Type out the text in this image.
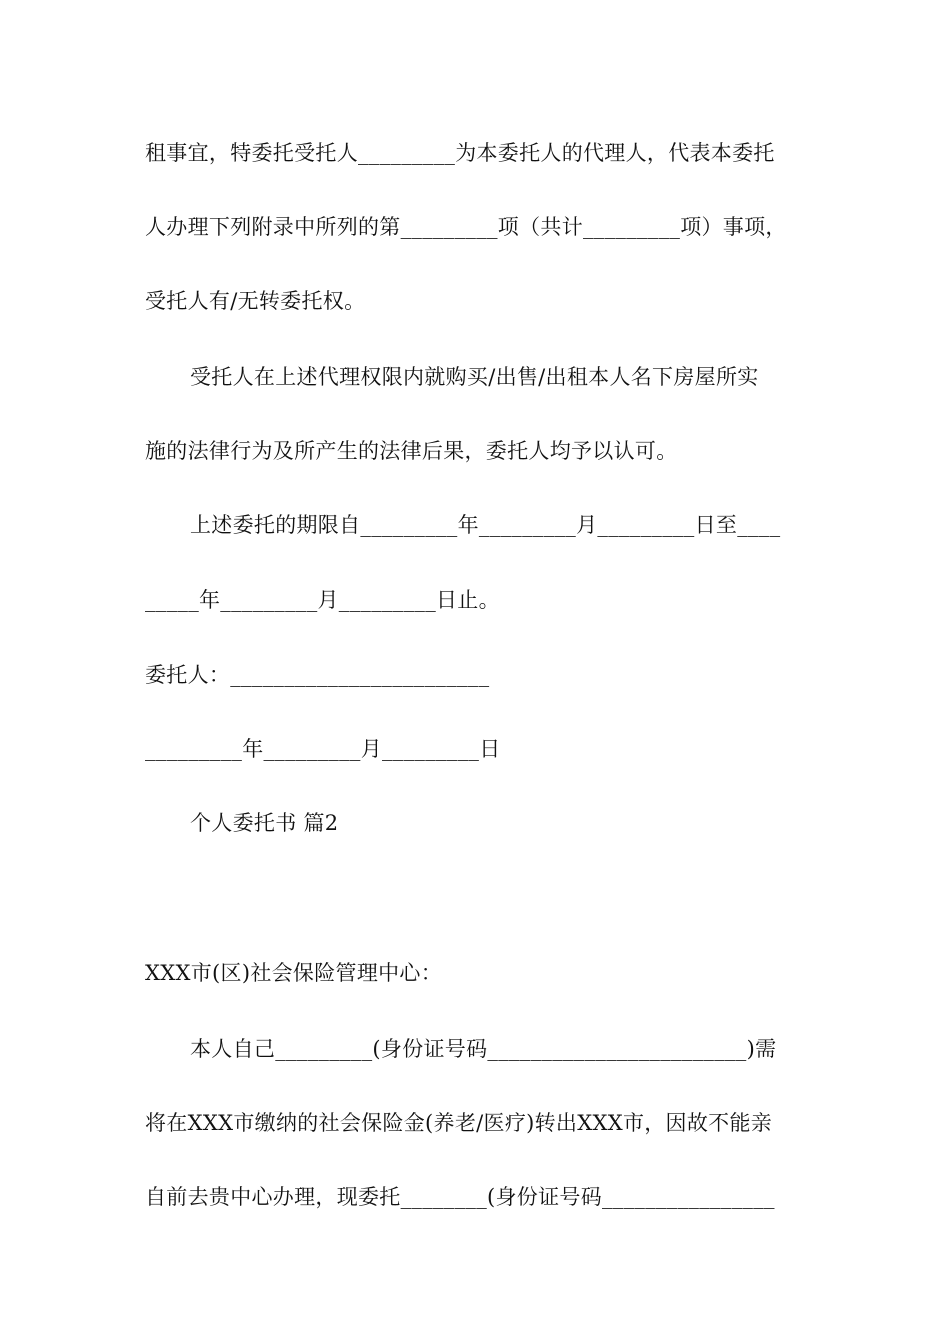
租事宜，特委托受托人_________为本委托人的代理人，代表本委托
人办理下列附录中所列的第_________项（共计_________项）事项，
受托人有/无转委托权。
受托人在上述代理权限内就购买/出售/出租本人名下房屋所实
施的法律行为及所产生的法律后果，委托人均予以认可。
上述委托的期限自_________年_________月_________日至____
_____年_________月_________日止。
委托人：________________________
_________年_________月_________日
个人委托书 篇2
XXX市(区)社会保险管理中心：
本人自己_________(身份证号码________________________)需
将在XXX市缴纳的社会保险金(养老/医疗)转出XXX市，因故不能亲
自前去贵中心办理，现委托________(身份证号码________________
